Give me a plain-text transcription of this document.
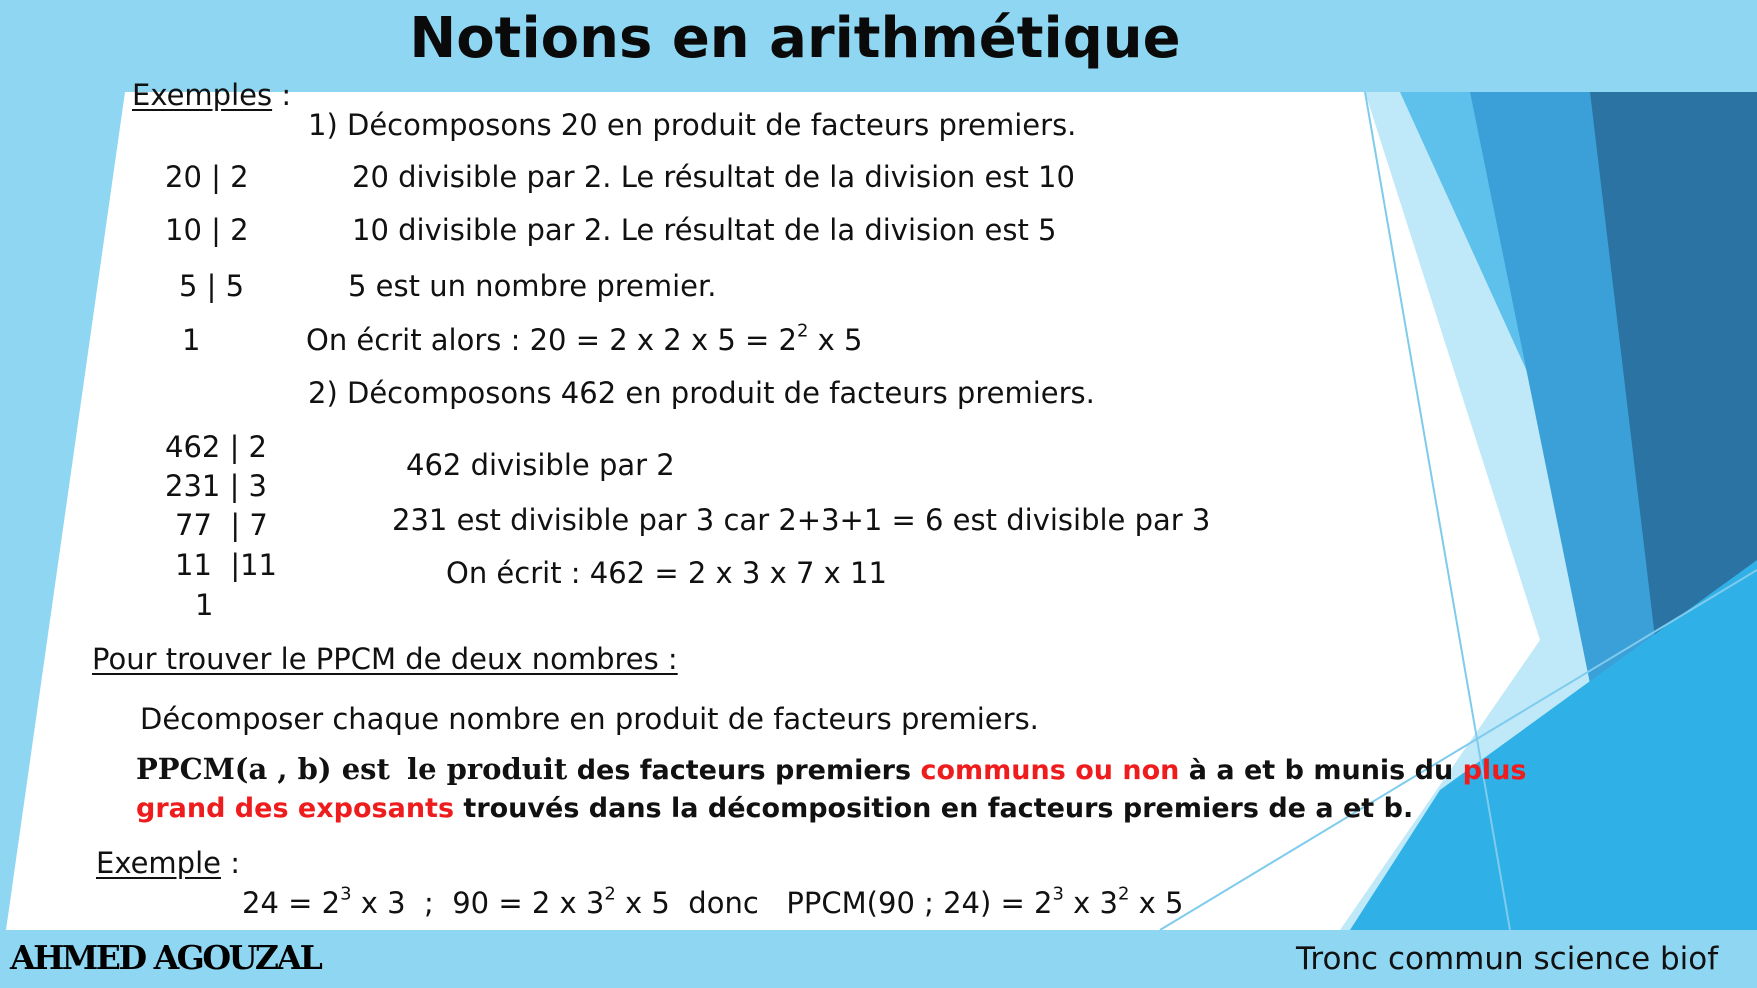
Notions en arithmétique
Exemples :
1) Décomposons 20 en produit de facteurs premiers.
20 | 2
10 | 2
5 | 5
1
20 divisible par 2. Le résultat de la division est 10
10 divisible par 2. Le résultat de la division est 5
5 est un nombre premier.
On écrit alors : 20 = 2 x 2 x $5 = 2^2$ x 5
2) Décomposons 462 en produit de facteurs premiers.
462 | 2
231 | 3
77  | 7
11  |11
1
462 divisible par 2
231 est divisible par 3 car 2+3+1 = 6 est divisible par 3
On écrit : 462 = 2 x 3 x 7 x 11
Pour trouver le PPCM de deux nombres :
Décomposer chaque nombre en produit de facteurs premiers.
PPCM(a , b) est le produit des facteurs premiers communs ou non à a et b munis du plus
grand des exposants trouvés dans la décomposition en facteurs premiers de a et b.
Exemple :
$24 = 2^3$ x 3  ;  90 = 2 x $3^2$ x 5  donc   PPCM(90 ; $24) = 2^3$ x $3^2$ x 5
AHMED AGOUZAL	Tronc commun science biof
